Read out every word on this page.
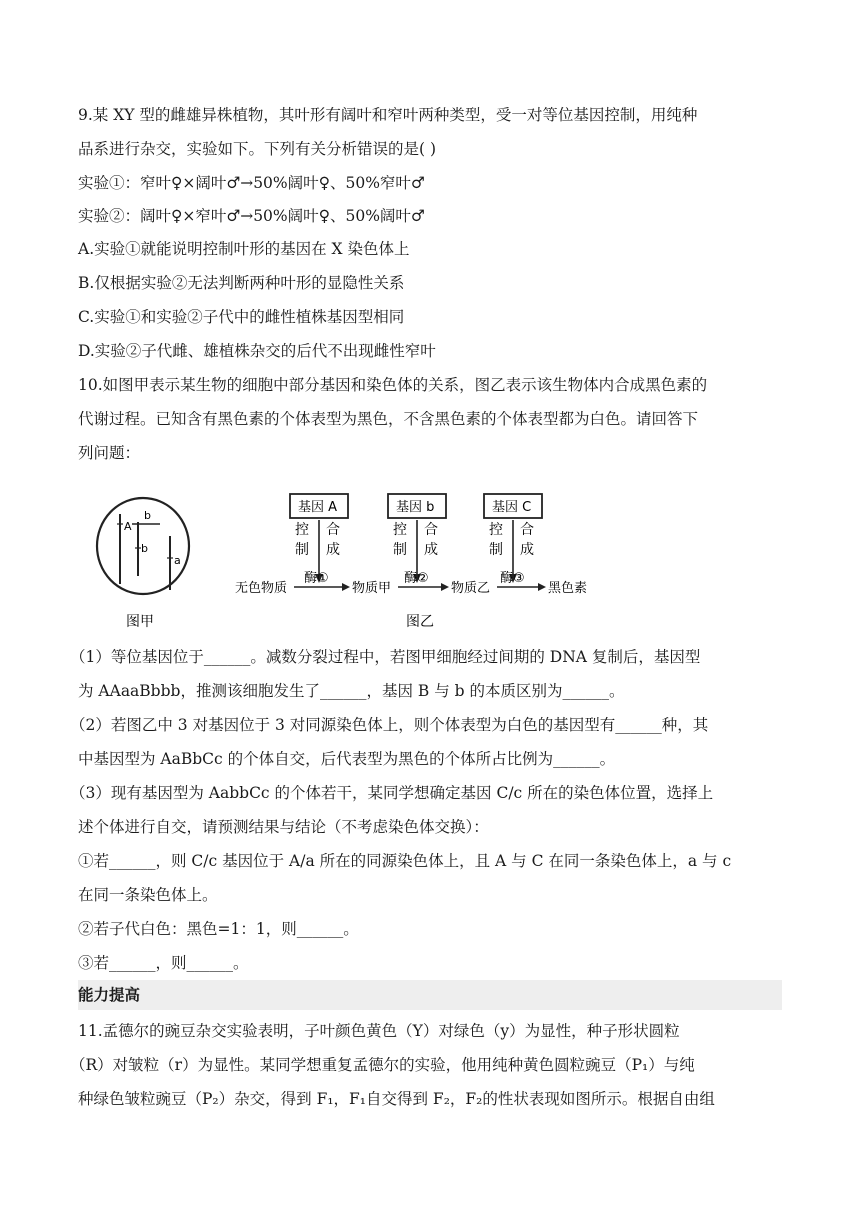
9.某 XY 型的雌雄异株植物，其叶形有阔叶和窄叶两种类型，受一对等位基因控制，用纯种
品系进行杂交，实验如下。下列有关分析错误的是( )
实验①：窄叶♀×阔叶♂→50%阔叶♀、50%窄叶♂
实验②：阔叶♀×窄叶♂→50%阔叶♀、50%阔叶♂
A.实验①就能说明控制叶形的基因在 X 染色体上
B.仅根据实验②无法判断两种叶形的显隐性关系
C.实验①和实验②子代中的雌性植株基因型相同
D.实验②子代雌、雄植株杂交的后代不出现雌性窄叶
10.如图甲表示某生物的细胞中部分基因和染色体的关系，图乙表示该生物体内合成黑色素的
代谢过程。已知含有黑色素的个体表型为黑色，不含黑色素的个体表型都为白色。请回答下
列问题：
A
b
b
a
图甲
基因 A	基因 b	基因 C
控
制
合
成
控
制
合
成
控
制
合
成
无色物质
酶①
物质甲
酶②
物质乙
酶③
黑色素
图乙
（1）等位基因位于______。减数分裂过程中，若图甲细胞经过间期的 DNA 复制后，基因型
为 AAaaBbbb，推测该细胞发生了______，基因 B 与 b 的本质区别为______。
（2）若图乙中 3 对基因位于 3 对同源染色体上，则个体表型为白色的基因型有______种，其
中基因型为 AaBbCc 的个体自交，后代表型为黑色的个体所占比例为______。
（3）现有基因型为 AabbCc 的个体若干，某同学想确定基因 C/c 所在的染色体位置，选择上
述个体进行自交，请预测结果与结论（不考虑染色体交换）：
①若______，则 C/c 基因位于 A/a 所在的同源染色体上，且 A 与 C 在同一条染色体上，a 与 c
在同一条染色体上。
②若子代白色：黑色=1：1，则______。
③若______，则______。
能力提高
11.孟德尔的豌豆杂交实验表明，子叶颜色黄色（Y）对绿色（y）为显性，种子形状圆粒
（R）对皱粒（r）为显性。某同学想重复孟德尔的实验，他用纯种黄色圆粒豌豆（P₁）与纯
种绿色皱粒豌豆（P₂）杂交，得到 F₁，F₁自交得到 F₂，F₂的性状表现如图所示。根据自由组
